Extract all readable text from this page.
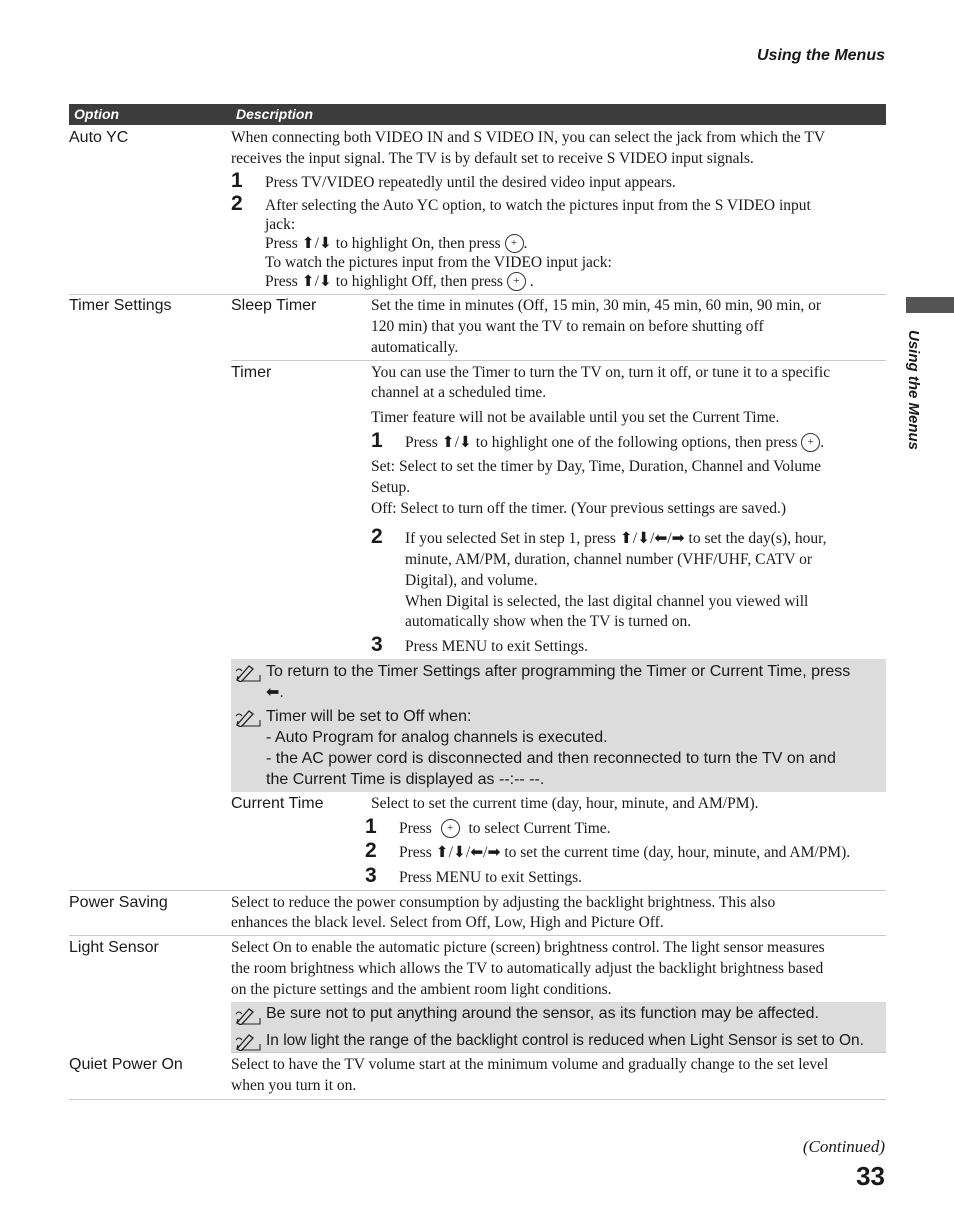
Using the Menus
Using the Menus
Option	Description
Auto YC	When connecting both VIDEO IN and S VIDEO IN, you can select the jack from which the TV
receives the input signal. The TV is by default set to receive S VIDEO input signals.
1 Press TV/VIDEO repeatedly until the desired video input appears.
2 After selecting the Auto YC option, to watch the pictures input from the S VIDEO input
jack:
Press ⬆/⬇ to highlight On, then press + .
To watch the pictures input from the VIDEO input jack:
Press ⬆/⬇ to highlight Off, then press + .
Timer Settings	Sleep Timer	Set the time in minutes (Off, 15 min, 30 min, 45 min, 60 min, 90 min, or
120 min) that you want the TV to remain on before shutting off
automatically.
Timer	You can use the Timer to turn the TV on, turn it off, or tune it to a specific
channel at a scheduled time.
Timer feature will not be available until you set the Current Time.
1 Press ⬆/⬇ to highlight one of the following options, then press + .
Set: Select to set the timer by Day, Time, Duration, Channel and Volume
Setup.
Off: Select to turn off the timer. (Your previous settings are saved.)
2 If you selected Set in step 1, press ⬆/⬇/⬅/➡ to set the day(s), hour,
minute, AM/PM, duration, channel number (VHF/UHF, CATV or
Digital), and volume.
When Digital is selected, the last digital channel you viewed will
automatically show when the TV is turned on.
3 Press MENU to exit Settings.
To return to the Timer Settings after programming the Timer or Current Time, press
⬅.
Timer will be set to Off when:
- Auto Program for analog channels is executed.
- the AC power cord is disconnected and then reconnected to turn the TV on and
the Current Time is displayed as --:-- --.
Current Time	Select to set the current time (day, hour, minute, and AM/PM).
1 Press + to select Current Time.
2 Press ⬆/⬇/⬅/➡ to set the current time (day, hour, minute, and AM/PM).
3 Press MENU to exit Settings.
Power Saving	Select to reduce the power consumption by adjusting the backlight brightness. This also
enhances the black level. Select from Off, Low, High and Picture Off.
Light Sensor	Select On to enable the automatic picture (screen) brightness control. The light sensor measures
the room brightness which allows the TV to automatically adjust the backlight brightness based
on the picture settings and the ambient room light conditions.
Be sure not to put anything around the sensor, as its function may be affected.
In low light the range of the backlight control is reduced when Light Sensor is set to On.
Quiet Power On	Select to have the TV volume start at the minimum volume and gradually change to the set level
when you turn it on.
(Continued)
33
